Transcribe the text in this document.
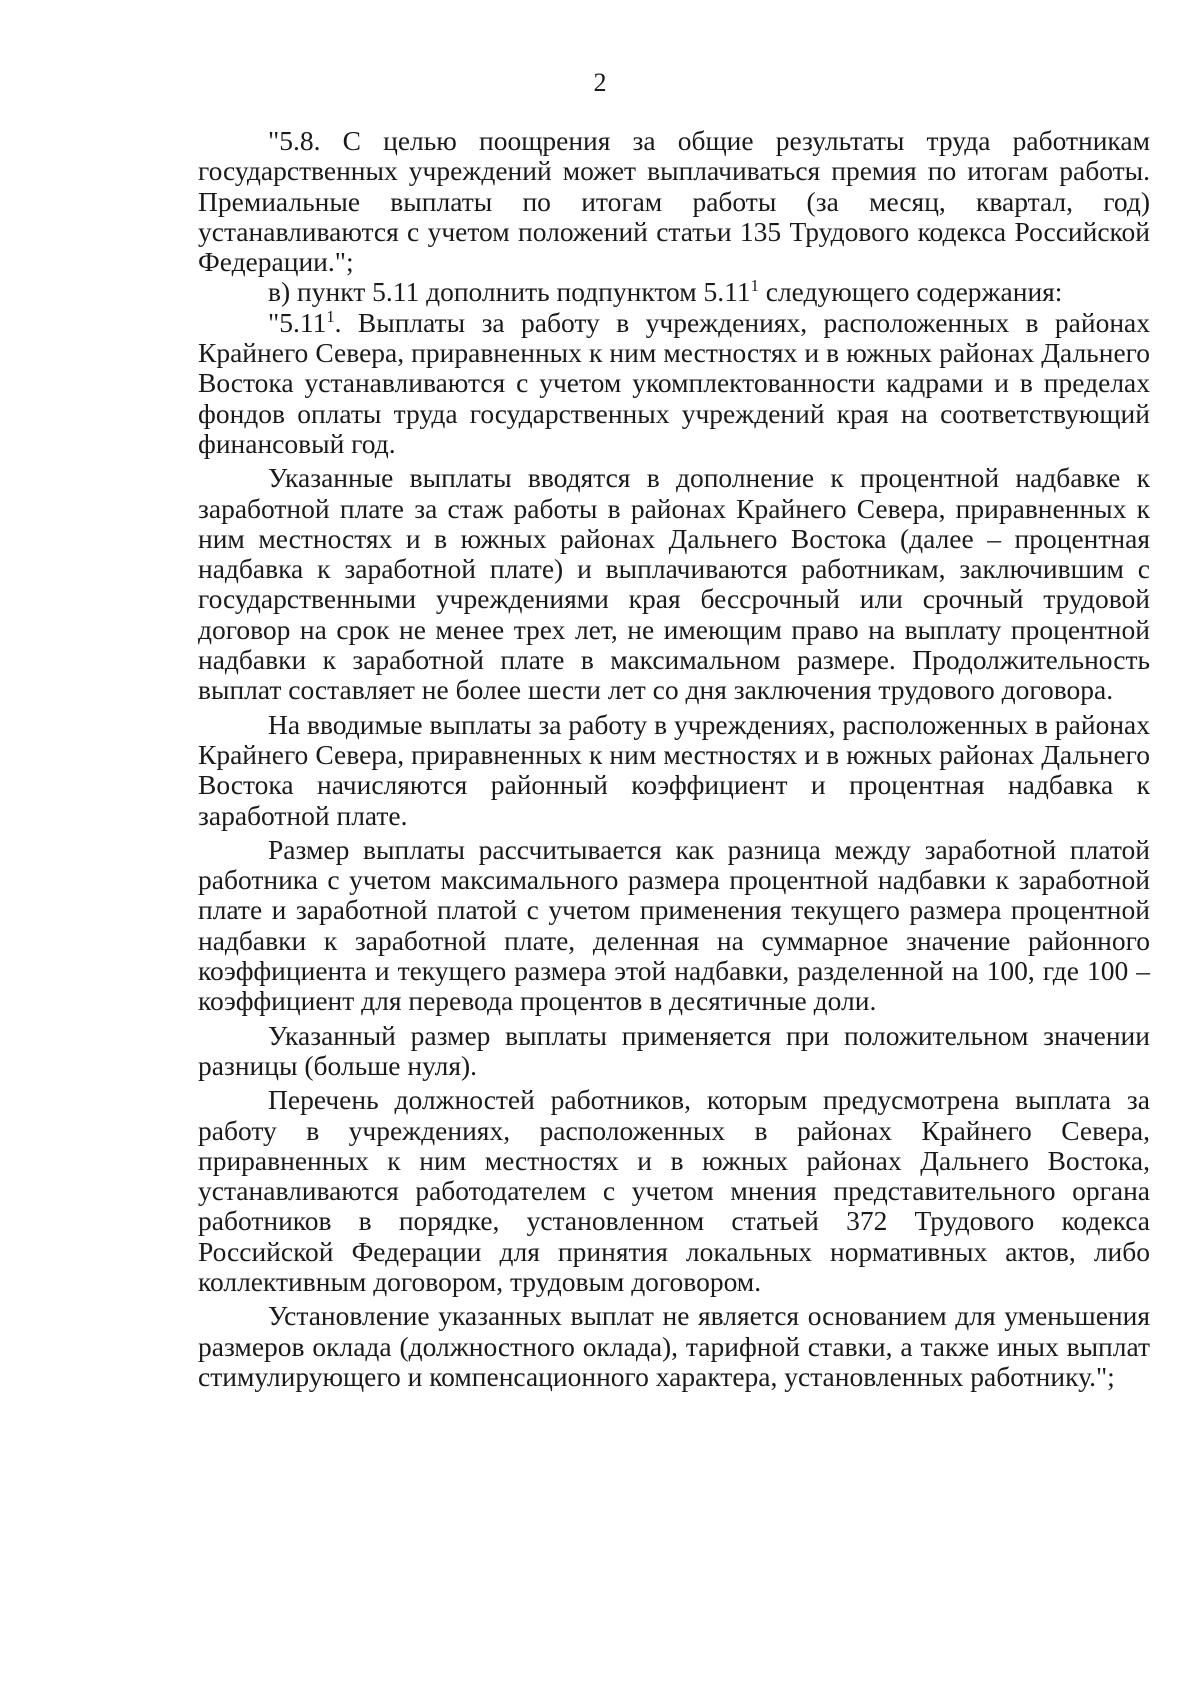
2

"5.8. С целью поощрения за общие результаты труда работникам государственных учреждений может выплачиваться премия по итогам работы. Премиальные выплаты по итогам работы (за месяц, квартал, год) устанавливаются с учетом положений статьи 135 Трудового кодекса Российской Федерации.";

в) пункт 5.11 дополнить подпунктом 5.11$^1$ следующего содержания:

"5.11$^1$. Выплаты за работу в учреждениях, расположенных в районах Крайнего Севера, приравненных к ним местностях и в южных районах Дальнего Востока устанавливаются с учетом укомплектованности кадрами и в пределах фондов оплаты труда государственных учреждений края на соответствующий финансовый год.

Указанные выплаты вводятся в дополнение к процентной надбавке к заработной плате за стаж работы в районах Крайнего Севера, приравненных к ним местностях и в южных районах Дальнего Востока (далее – процентная надбавка к заработной плате) и выплачиваются работникам, заключившим с государственными учреждениями края бессрочный или срочный трудовой договор на срок не менее трех лет, не имеющим право на выплату процентной надбавки к заработной плате в максимальном размере. Продолжительность выплат составляет не более шести лет со дня заключения трудового договора.

На вводимые выплаты за работу в учреждениях, расположенных в районах Крайнего Севера, приравненных к ним местностях и в южных районах Дальнего Востока начисляются районный коэффициент и процентная надбавка к заработной плате.

Размер выплаты рассчитывается как разница между заработной платой работника с учетом максимального размера процентной надбавки к заработной плате и заработной платой с учетом применения текущего размера процентной надбавки к заработной плате, деленная на суммарное значение районного коэффициента и текущего размера этой надбавки, разделенной на 100, где 100 – коэффициент для перевода процентов в десятичные доли.

Указанный размер выплаты применяется при положительном значении разницы (больше нуля).

Перечень должностей работников, которым предусмотрена выплата за работу в учреждениях, расположенных в районах Крайнего Севера, приравненных к ним местностях и в южных районах Дальнего Востока, устанавливаются работодателем с учетом мнения представительного органа работников в порядке, установленном статьей 372 Трудового кодекса Российской Федерации для принятия локальных нормативных актов, либо коллективным договором, трудовым договором.

Установление указанных выплат не является основанием для уменьшения размеров оклада (должностного оклада), тарифной ставки, а также иных выплат стимулирующего и компенсационного характера, установленных работнику.";
